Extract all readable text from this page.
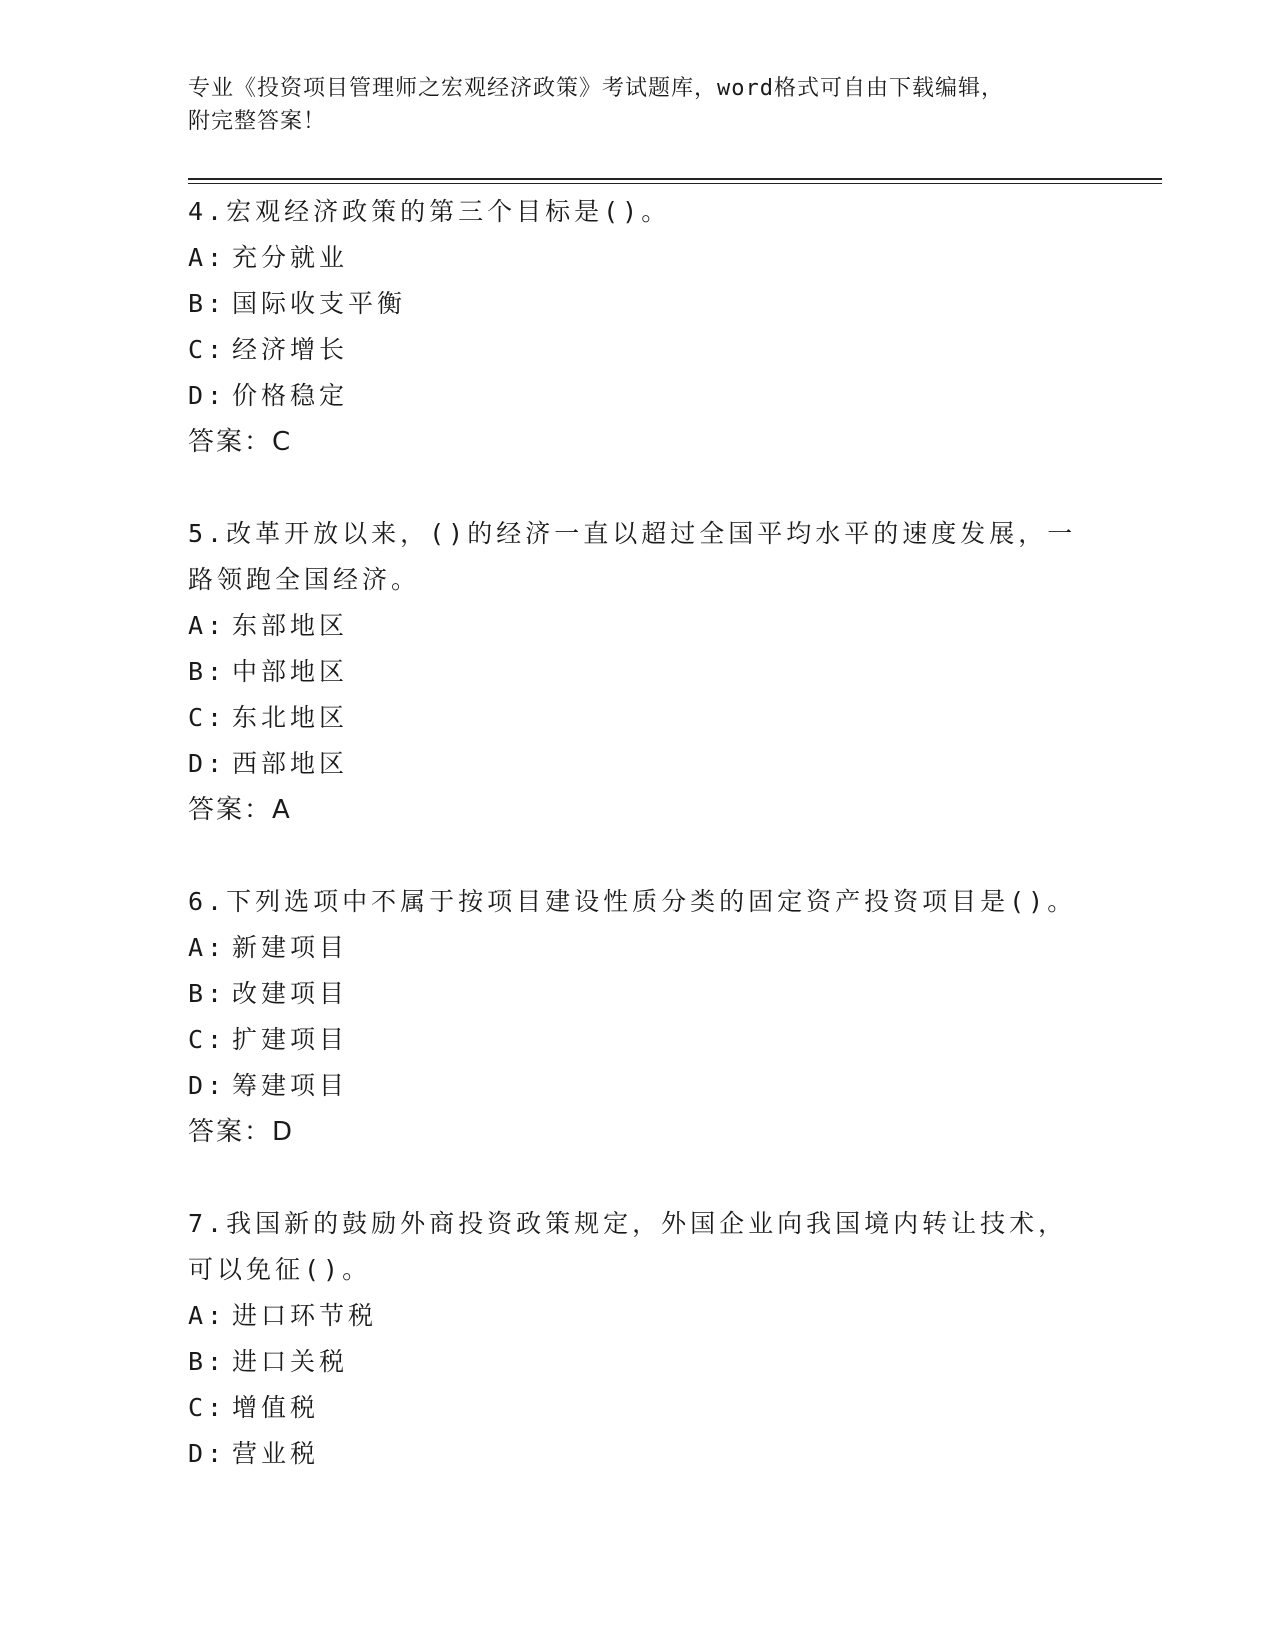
专业《投资项目管理师之宏观经济政策》考试题库，word格式可自由下载编辑，
附完整答案！
4.宏观经济政策的第三个目标是()。
A: 充分就业
B: 国际收支平衡
C: 经济增长
D: 价格稳定
答案：C
5.改革开放以来，()的经济一直以超过全国平均水平的速度发展，一路领跑全国经济。
A: 东部地区
B: 中部地区
C: 东北地区
D: 西部地区
答案：A
6.下列选项中不属于按项目建设性质分类的固定资产投资项目是()。
A: 新建项目
B: 改建项目
C: 扩建项目
D: 筹建项目
答案：D
7.我国新的鼓励外商投资政策规定，外国企业向我国境内转让技术，可以免征()。
A: 进口环节税
B: 进口关税
C: 增值税
D: 营业税
